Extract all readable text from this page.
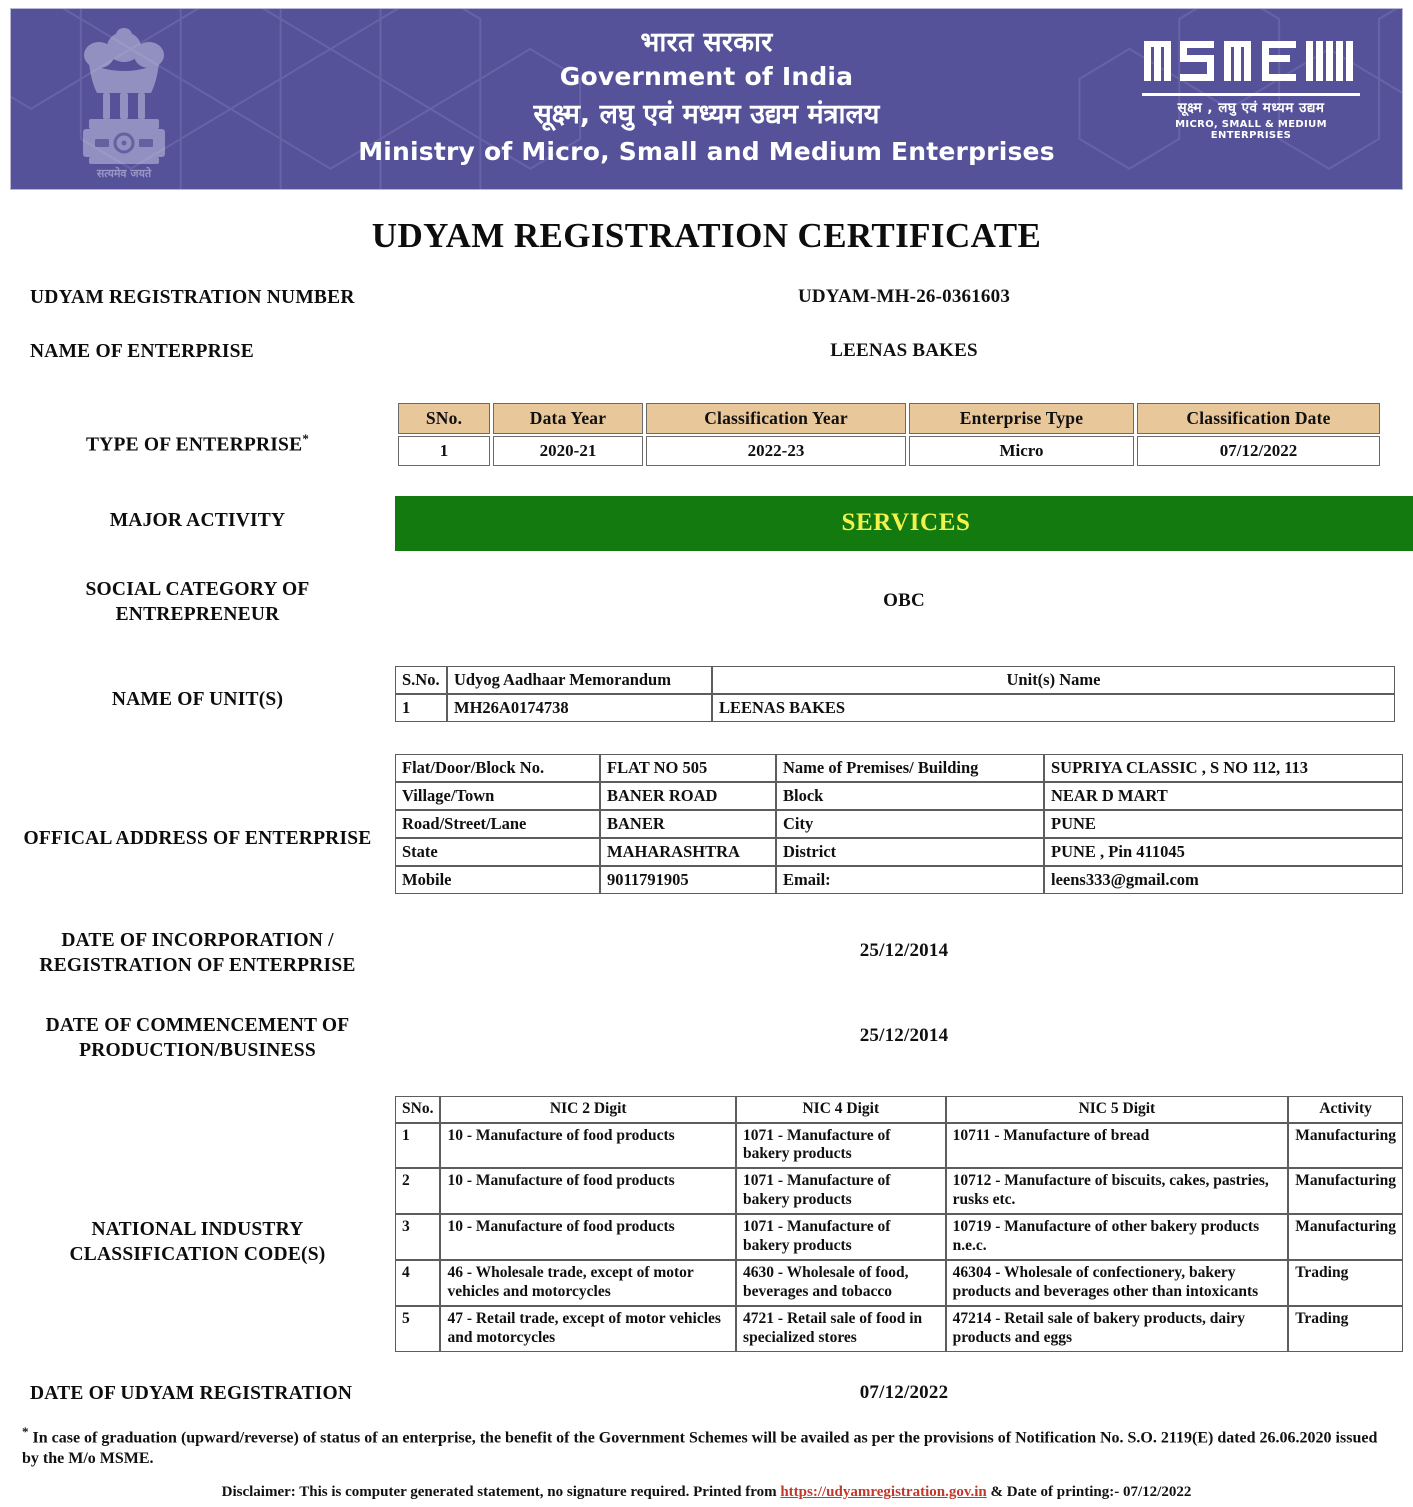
सत्यमेव जयते
भारत सरकार
Government of India
सूक्ष्म, लघु एवं मध्यम उद्यम मंत्रालय
Ministry of Micro, Small and Medium Enterprises
सूक्ष्म , लघु एवं मध्यम उद्यम
MICRO, SMALL & MEDIUM ENTERPRISES
UDYAM REGISTRATION CERTIFICATE
UDYAM REGISTRATION NUMBER	UDYAM-MH-26-0361603
NAME OF ENTERPRISE	LEENAS BAKES
TYPE OF ENTERPRISE*
SNo.	Data Year	Classification Year	Enterprise Type	Classification Date
1	2020-21	2022-23	Micro	07/12/2022
MAJOR ACTIVITY	SERVICES
SOCIAL CATEGORY OF ENTREPRENEUR
OBC
NAME OF UNIT(S)
S.No.	Udyog Aadhaar Memorandum	Unit(s) Name
1	MH26A0174738	LEENAS BAKES
OFFICAL ADDRESS OF ENTERPRISE
Flat/Door/Block No.	FLAT NO 505	Name of Premises/ Building	SUPRIYA CLASSIC , S NO 112, 113
Village/Town	BANER ROAD	Block	NEAR D MART
Road/Street/Lane	BANER	City	PUNE
State	MAHARASHTRA	District	PUNE , Pin 411045
Mobile	9011791905	Email:	leens333@gmail.com
DATE OF INCORPORATION / REGISTRATION OF ENTERPRISE
25/12/2014
DATE OF COMMENCEMENT OF PRODUCTION/BUSINESS
25/12/2014
NATIONAL INDUSTRY CLASSIFICATION CODE(S)
SNo.	NIC 2 Digit	NIC 4 Digit	NIC 5 Digit	Activity
1	10 - Manufacture of food products	1071 - Manufacture of bakery products	10711 - Manufacture of bread	Manufacturing
2	10 - Manufacture of food products	1071 - Manufacture of bakery products	10712 - Manufacture of biscuits, cakes, pastries, rusks etc.	Manufacturing
3	10 - Manufacture of food products	1071 - Manufacture of bakery products	10719 - Manufacture of other bakery products n.e.c.	Manufacturing
4	46 - Wholesale trade, except of motor vehicles and motorcycles	4630 - Wholesale of food, beverages and tobacco	46304 - Wholesale of confectionery, bakery products and beverages other than intoxicants	Trading
5	47 - Retail trade, except of motor vehicles and motorcycles	4721 - Retail sale of food in specialized stores	47214 - Retail sale of bakery products, dairy products and eggs	Trading
DATE OF UDYAM REGISTRATION	07/12/2022
* In case of graduation (upward/reverse) of status of an enterprise, the benefit of the Government Schemes will be availed as per the provisions of Notification No. S.O. 2119(E) dated 26.06.2020 issued by the M/o MSME.
Disclaimer: This is computer generated statement, no signature required. Printed from https://udyamregistration.gov.in & Date of printing:- 07/12/2022
